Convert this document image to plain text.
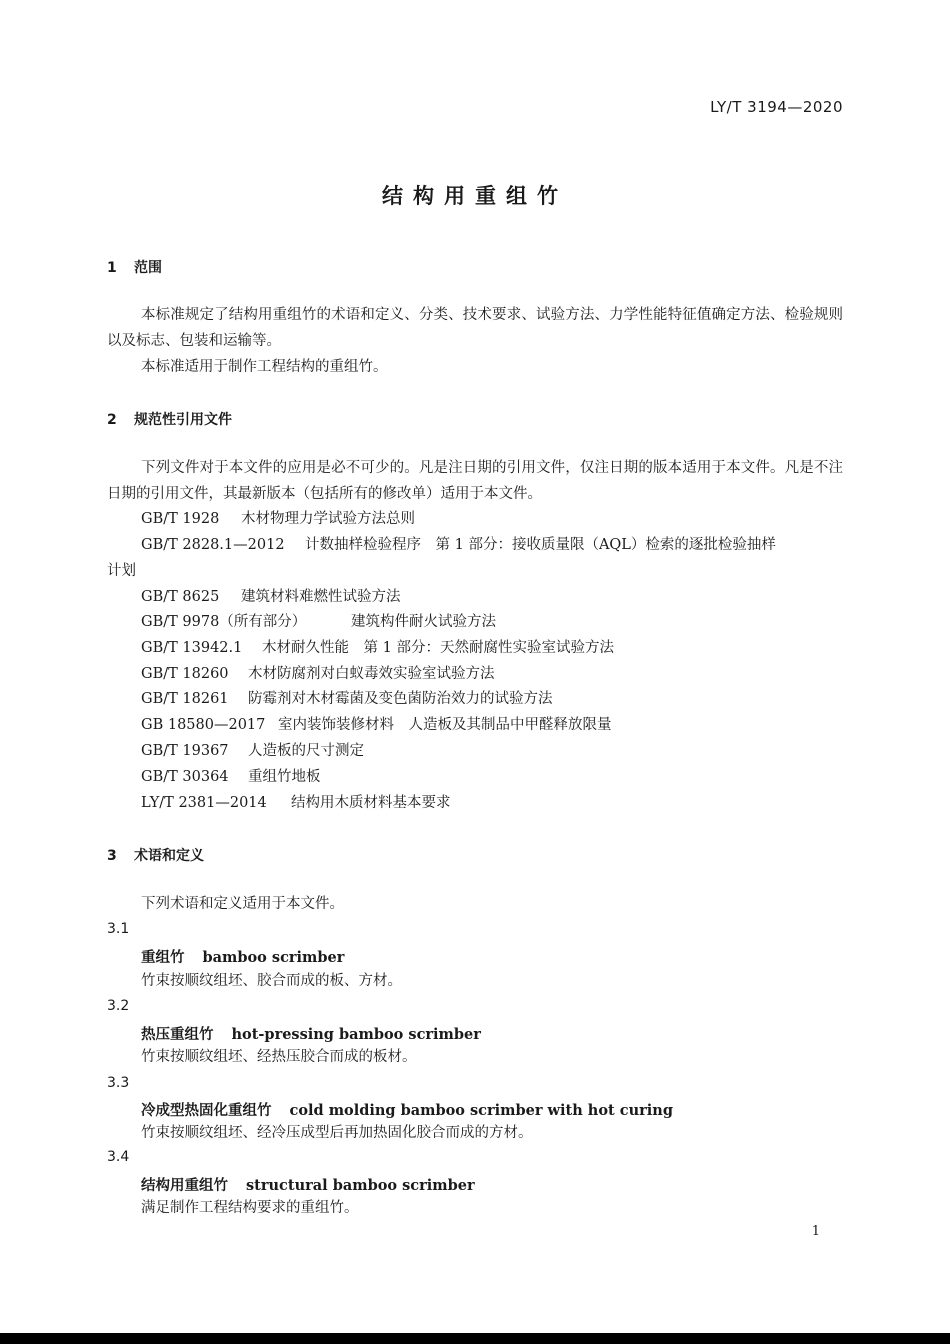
LY/T 3194—2020
结构用重组竹
1 范围
本标准规定了结构用重组竹的术语和定义、分类、技术要求、试验方法、力学性能特征值确定方法、检验规则以及标志、包装和运输等。
本标准适用于制作工程结构的重组竹。
2 规范性引用文件
下列文件对于本文件的应用是必不可少的。凡是注日期的引用文件，仅注日期的版本适用于本文件。凡是不注日期的引用文件，其最新版本（包括所有的修改单）适用于本文件。
GB/T 1928 木材物理力学试验方法总则
GB/T 2828.1—2012 计数抽样检验程序　第 1 部分：接收质量限（AQL）检索的逐批检验抽样
计划
GB/T 8625 建筑材料难燃性试验方法
GB/T 9978（所有部分）	建筑构件耐火试验方法
GB/T 13942.1 木材耐久性能　第 1 部分：天然耐腐性实验室试验方法
GB/T 18260 木材防腐剂对白蚁毒效实验室试验方法
GB/T 18261 防霉剂对木材霉菌及变色菌防治效力的试验方法
GB 18580—2017 室内装饰装修材料　人造板及其制品中甲醛释放限量
GB/T 19367 人造板的尺寸测定
GB/T 30364 重组竹地板
LY/T 2381—2014 结构用木质材料基本要求
3 术语和定义
下列术语和定义适用于本文件。
3.1
重组竹 bamboo scrimber
竹束按顺纹组坯、胶合而成的板、方材。
3.2
热压重组竹 hot-pressing bamboo scrimber
竹束按顺纹组坯、经热压胶合而成的板材。
3.3
冷成型热固化重组竹 cold molding bamboo scrimber with hot curing
竹束按顺纹组坯、经冷压成型后再加热固化胶合而成的方材。
3.4
结构用重组竹 structural bamboo scrimber
满足制作工程结构要求的重组竹。
1
